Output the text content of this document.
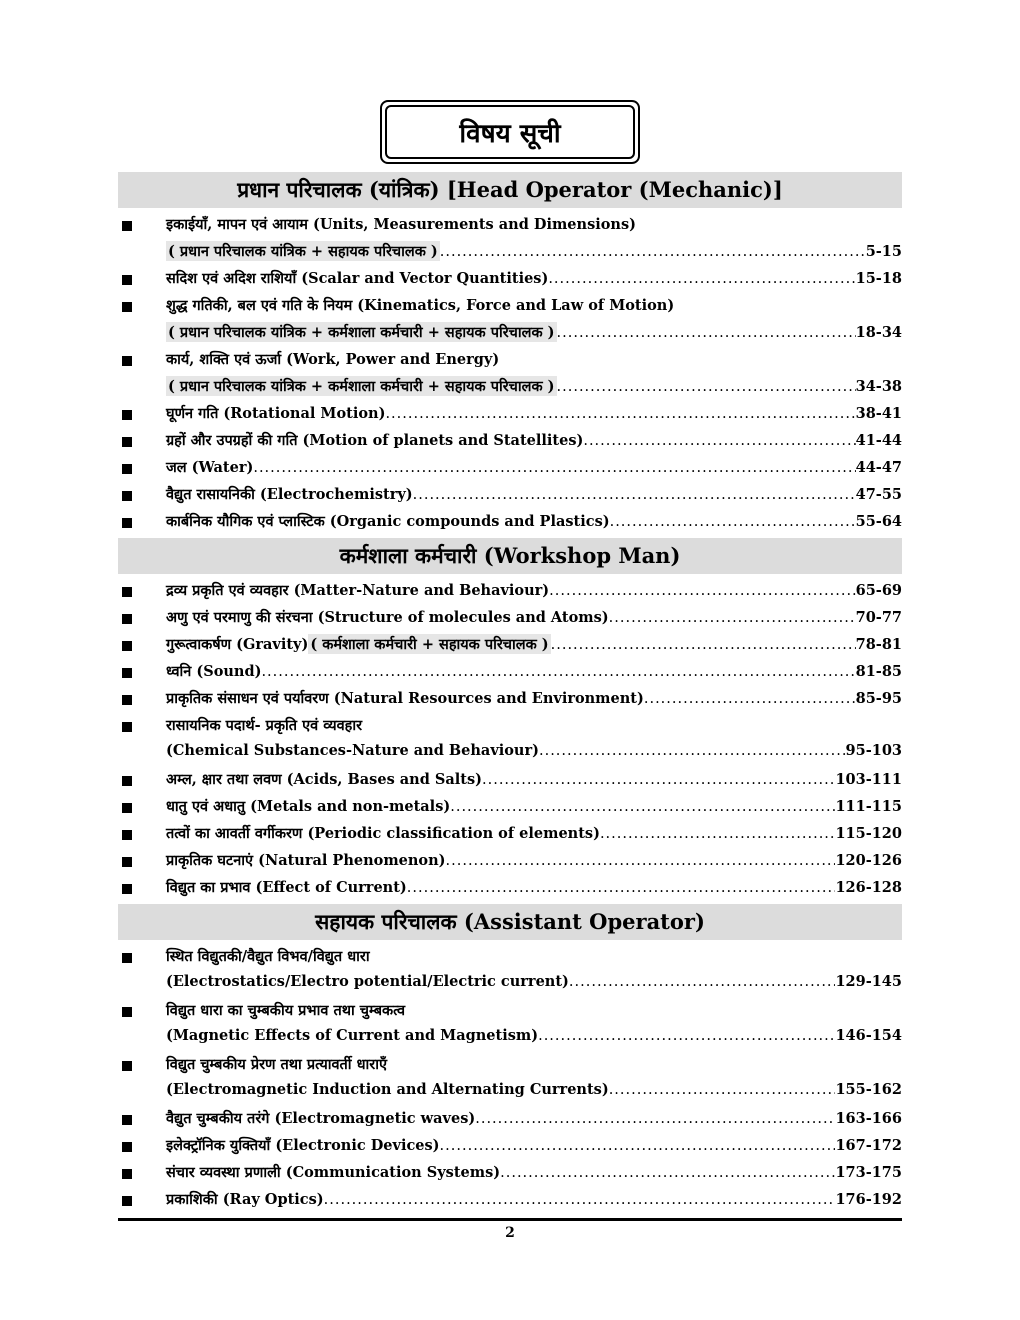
विषय सूची
प्रधान परिचालक (यांत्रिक) [Head Operator (Mechanic)]
इकाईयाँ, मापन एवं आयाम (Units, Measurements and Dimensions)
( प्रधान परिचालक यांत्रिक + सहायक परिचालक ) .....	5-15
सदिश एवं अदिश राशियाँ (Scalar and Vector Quantities) .....	15-18
शुद्ध गतिकी, बल एवं गति के नियम (Kinematics, Force and Law of Motion)
( प्रधान परिचालक यांत्रिक + कर्मशाला कर्मचारी + सहायक परिचालक ) .....	18-34
कार्य, शक्ति एवं ऊर्जा (Work, Power and Energy)
( प्रधान परिचालक यांत्रिक + कर्मशाला कर्मचारी + सहायक परिचालक ) .....	34-38
घूर्णन गति (Rotational Motion) .....	38-41
ग्रहों और उपग्रहों की गति (Motion of planets and Statellites) .....	41-44
जल (Water) .....	44-47
वैद्युत रासायनिकी (Electrochemistry) .....	47-55
कार्बनिक यौगिक एवं प्लास्टिक (Organic compounds and Plastics) .....	55-64
कर्मशाला कर्मचारी (Workshop Man)
द्रव्य प्रकृति एवं व्यवहार (Matter-Nature and Behaviour) .....	65-69
अणु एवं परमाणु की संरचना (Structure of molecules and Atoms) .....	70-77
गुरूत्वाकर्षण (Gravity) ( कर्मशाला कर्मचारी + सहायक परिचालक ) .....	78-81
ध्वनि (Sound) .....	81-85
प्राकृतिक संसाधन एवं पर्यावरण (Natural Resources and Environment) .....	85-95
रासायनिक पदार्थ- प्रकृति एवं व्यवहार
(Chemical Substances-Nature and Behaviour) .....	95-103
अम्ल, क्षार तथा लवण (Acids, Bases and Salts) .....	103-111
धातु एवं अधातु (Metals and non-metals) .....	111-115
तत्वों का आवर्ती वर्गीकरण (Periodic classification of elements) .....	115-120
प्राकृतिक घटनाएं (Natural Phenomenon) .....	120-126
विद्युत का प्रभाव (Effect of Current) .....	126-128
सहायक परिचालक (Assistant Operator)
स्थित विद्युतकी/वैद्युत विभव/विद्युत धारा
(Electrostatics/Electro potential/Electric current) .....	129-145
विद्युत धारा का चुम्बकीय प्रभाव तथा चुम्बकत्व
(Magnetic Effects of Current and Magnetism) .....	146-154
विद्युत चुम्बकीय प्रेरण तथा प्रत्यावर्ती धाराएँ
(Electromagnetic Induction and Alternating Currents) .....	155-162
वैद्युत चुम्बकीय तरंगे (Electromagnetic waves) .....	163-166
इलेक्ट्रॉनिक युक्तियाँ (Electronic Devices) .....	167-172
संचार व्यवस्था प्रणाली (Communication Systems) .....	173-175
प्रकाशिकी (Ray Optics) .....	176-192
2
